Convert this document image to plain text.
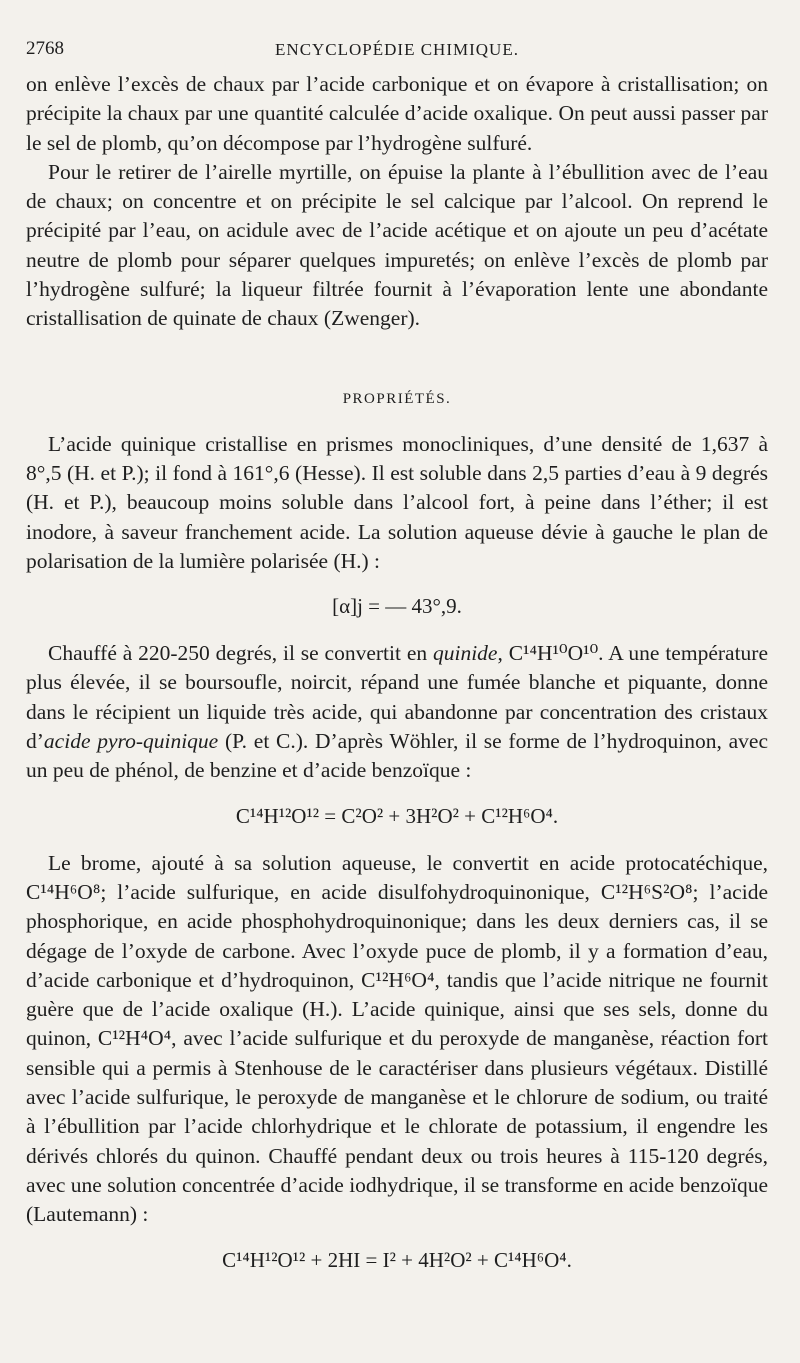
2768	ENCYCLOPÉDIE CHIMIQUE.

on enlève l’excès de chaux par l’acide carbonique et on évapore à cristallisation; on précipite la chaux par une quantité calculée d’acide oxalique. On peut aussi passer par le sel de plomb, qu’on décompose par l’hydrogène sulfuré.

Pour le retirer de l’airelle myrtille, on épuise la plante à l’ébullition avec de l’eau de chaux; on concentre et on précipite le sel calcique par l’alcool. On reprend le précipité par l’eau, on acidule avec de l’acide acétique et on ajoute un peu d’acétate neutre de plomb pour séparer quelques impuretés; on enlève l’excès de plomb par l’hydrogène sulfuré; la liqueur filtrée fournit à l’évaporation lente une abondante cristallisation de quinate de chaux (Zwenger).

PROPRIÉTÉS.

L’acide quinique cristallise en prismes monocliniques, d’une densité de 1,637 à 8°,5 (H. et P.); il fond à 161°,6 (Hesse). Il est soluble dans 2,5 parties d’eau à 9 degrés (H. et P.), beaucoup moins soluble dans l’alcool fort, à peine dans l’éther; il est inodore, à saveur franchement acide. La solution aqueuse dévie à gauche le plan de polarisation de la lumière polarisée (H.) :

[α]j = — 43°,9.

Chauffé à 220-250 degrés, il se convertit en quinide, C¹⁴H¹⁰O¹⁰. A une température plus élevée, il se boursoufle, noircit, répand une fumée blanche et piquante, donne dans le récipient un liquide très acide, qui abandonne par concentration des cristaux d’acide pyro-quinique (P. et C.). D’après Wöhler, il se forme de l’hydroquinon, avec un peu de phénol, de benzine et d’acide benzoïque :

C¹⁴H¹²O¹² = C²O² + 3H²O² + C¹²H⁶O⁴.

Le brome, ajouté à sa solution aqueuse, le convertit en acide protocatéchique, C¹⁴H⁶O⁸; l’acide sulfurique, en acide disulfohydroquinonique, C¹²H⁶S²O⁸; l’acide phosphorique, en acide phosphohydroquinonique; dans les deux derniers cas, il se dégage de l’oxyde de carbone. Avec l’oxyde puce de plomb, il y a formation d’eau, d’acide carbonique et d’hydroquinon, C¹²H⁶O⁴, tandis que l’acide nitrique ne fournit guère que de l’acide oxalique (H.). L’acide quinique, ainsi que ses sels, donne du quinon, C¹²H⁴O⁴, avec l’acide sulfurique et du peroxyde de manganèse, réaction fort sensible qui a permis à Stenhouse de le caractériser dans plusieurs végétaux. Distillé avec l’acide sulfurique, le peroxyde de manganèse et le chlorure de sodium, ou traité à l’ébullition par l’acide chlorhydrique et le chlorate de potassium, il engendre les dérivés chlorés du quinon. Chauffé pendant deux ou trois heures à 115-120 degrés, avec une solution concentrée d’acide iodhydrique, il se transforme en acide benzoïque (Lautemann) :

C¹⁴H¹²O¹² + 2HI = I² + 4H²O² + C¹⁴H⁶O⁴.
